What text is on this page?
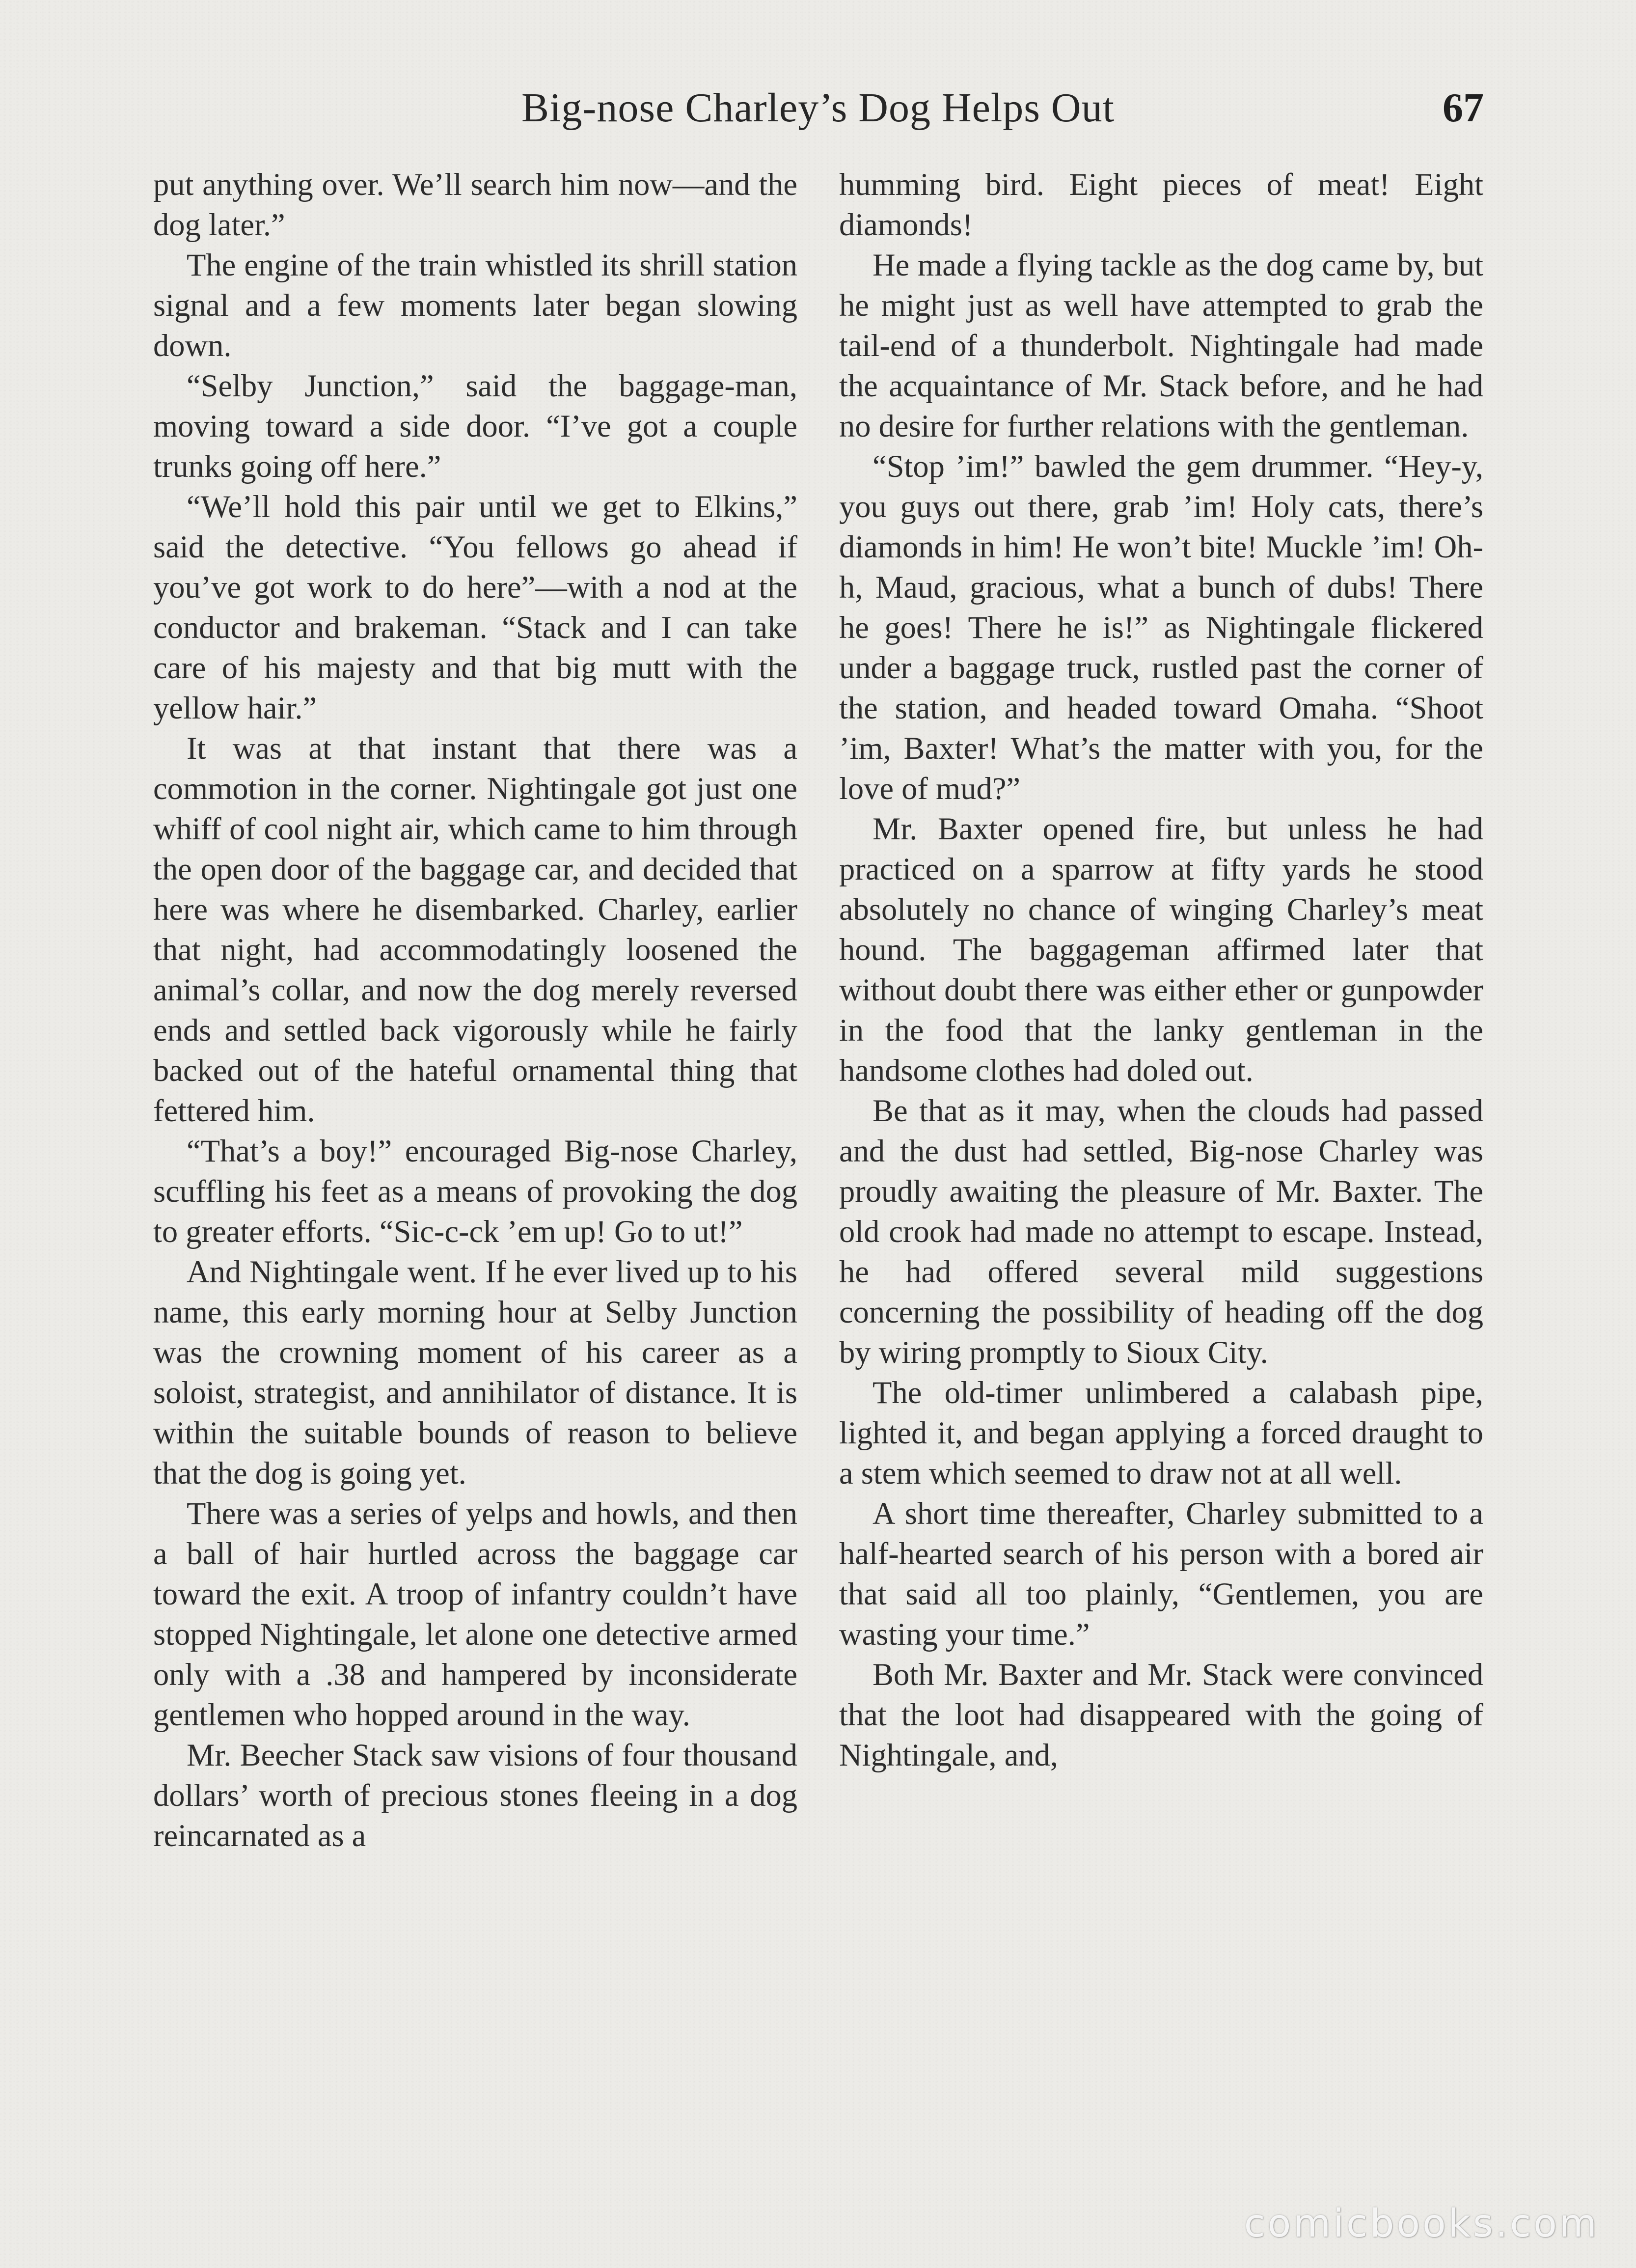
Big-nose Charley’s Dog Helps Out	67

put anything over. We’ll search him now—and the dog later.”

The engine of the train whistled its shrill station signal and a few moments later began slowing down.

“Selby Junction,” said the baggage-man, moving toward a side door. “I’ve got a couple trunks going off here.”

“We’ll hold this pair until we get to Elkins,” said the detective. “You fellows go ahead if you’ve got work to do here”—with a nod at the conductor and brakeman. “Stack and I can take care of his majesty and that big mutt with the yellow hair.”

It was at that instant that there was a commotion in the corner. Nightingale got just one whiff of cool night air, which came to him through the open door of the baggage car, and decided that here was where he disembarked. Charley, earlier that night, had accommodatingly loosened the animal’s collar, and now the dog merely reversed ends and settled back vigorously while he fairly backed out of the hateful ornamental thing that fettered him.

“That’s a boy!” encouraged Big-nose Charley, scuffling his feet as a means of provoking the dog to greater efforts. “Sic-c-ck ’em up! Go to ut!”

And Nightingale went. If he ever lived up to his name, this early morning hour at Selby Junction was the crowning moment of his career as a soloist, strategist, and annihilator of distance. It is within the suitable bounds of reason to believe that the dog is going yet.

There was a series of yelps and howls, and then a ball of hair hurtled across the baggage car toward the exit. A troop of infantry couldn’t have stopped Nightingale, let alone one detective armed only with a .38 and hampered by inconsiderate gentlemen who hopped around in the way.

Mr. Beecher Stack saw visions of four thousand dollars’ worth of precious stones fleeing in a dog reincarnated as a

humming bird. Eight pieces of meat! Eight diamonds!

He made a flying tackle as the dog came by, but he might just as well have attempted to grab the tail-end of a thunderbolt. Nightingale had made the acquaintance of Mr. Stack before, and he had no desire for further relations with the gentleman.

“Stop ’im!” bawled the gem drummer. “Hey-y, you guys out there, grab ’im! Holy cats, there’s diamonds in him! He won’t bite! Muckle ’im! Oh-h, Maud, gracious, what a bunch of dubs! There he goes! There he is!” as Nightingale flickered under a baggage truck, rustled past the corner of the station, and headed toward Omaha. “Shoot ’im, Baxter! What’s the matter with you, for the love of mud?”

Mr. Baxter opened fire, but unless he had practiced on a sparrow at fifty yards he stood absolutely no chance of winging Charley’s meat hound. The baggageman affirmed later that without doubt there was either ether or gunpowder in the food that the lanky gentleman in the handsome clothes had doled out.

Be that as it may, when the clouds had passed and the dust had settled, Big-nose Charley was proudly awaiting the pleasure of Mr. Baxter. The old crook had made no attempt to escape. Instead, he had offered several mild suggestions concerning the possibility of heading off the dog by wiring promptly to Sioux City.

The old-timer unlimbered a calabash pipe, lighted it, and began applying a forced draught to a stem which seemed to draw not at all well.

A short time thereafter, Charley submitted to a half-hearted search of his person with a bored air that said all too plainly, “Gentlemen, you are wasting your time.”

Both Mr. Baxter and Mr. Stack were convinced that the loot had disappeared with the going of Nightingale, and,

comicbooks.com
